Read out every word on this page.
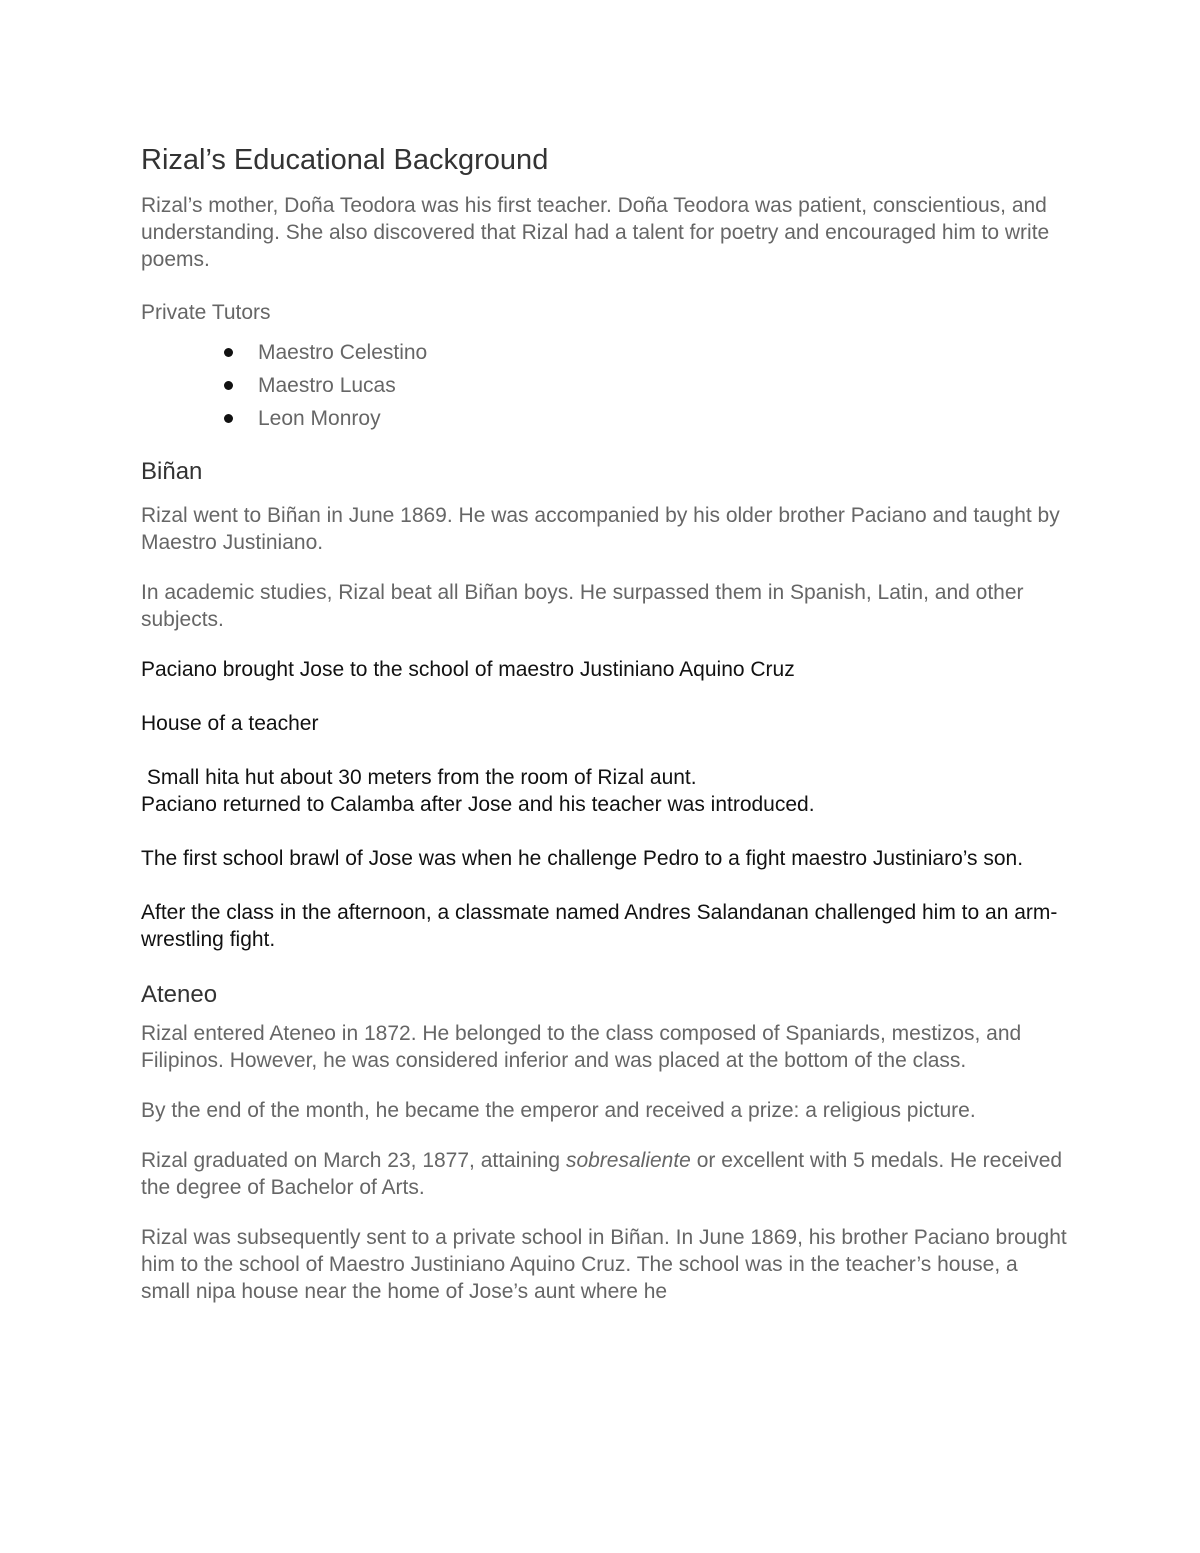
Rizal’s Educational Background

Rizal’s mother, Doña Teodora was his first teacher. Doña Teodora was patient, conscientious, and understanding. She also discovered that Rizal had a talent for poetry and encouraged him to write poems.

Private Tutors

Maestro Celestino
Maestro Lucas
Leon Monroy
Biñan

Rizal went to Biñan in June 1869. He was accompanied by his older brother Paciano and taught by Maestro Justiniano.

In academic studies, Rizal beat all Biñan boys. He surpassed them in Spanish, Latin, and other subjects.

Paciano brought Jose to the school of maestro Justiniano Aquino Cruz

House of a teacher

Small hita hut about 30 meters from the room of Rizal aunt.

Paciano returned to Calamba after Jose and his teacher was introduced.

The first school brawl of Jose was when he challenge Pedro to a fight maestro Justiniaro’s son.

After the class in the afternoon, a classmate named Andres Salandanan challenged him to an arm-wrestling fight.

Ateneo

Rizal entered Ateneo in 1872. He belonged to the class composed of Spaniards, mestizos, and Filipinos. However, he was considered inferior and was placed at the bottom of the class.

By the end of the month, he became the emperor and received a prize: a religious picture.

Rizal graduated on March 23, 1877, attaining sobresaliente or excellent with 5 medals. He received the degree of Bachelor of Arts.

Rizal was subsequently sent to a private school in Biñan. In June 1869, his brother Paciano brought him to the school of Maestro Justiniano Aquino Cruz. The school was in the teacher’s house, a small nipa house near the home of Jose’s aunt where he
